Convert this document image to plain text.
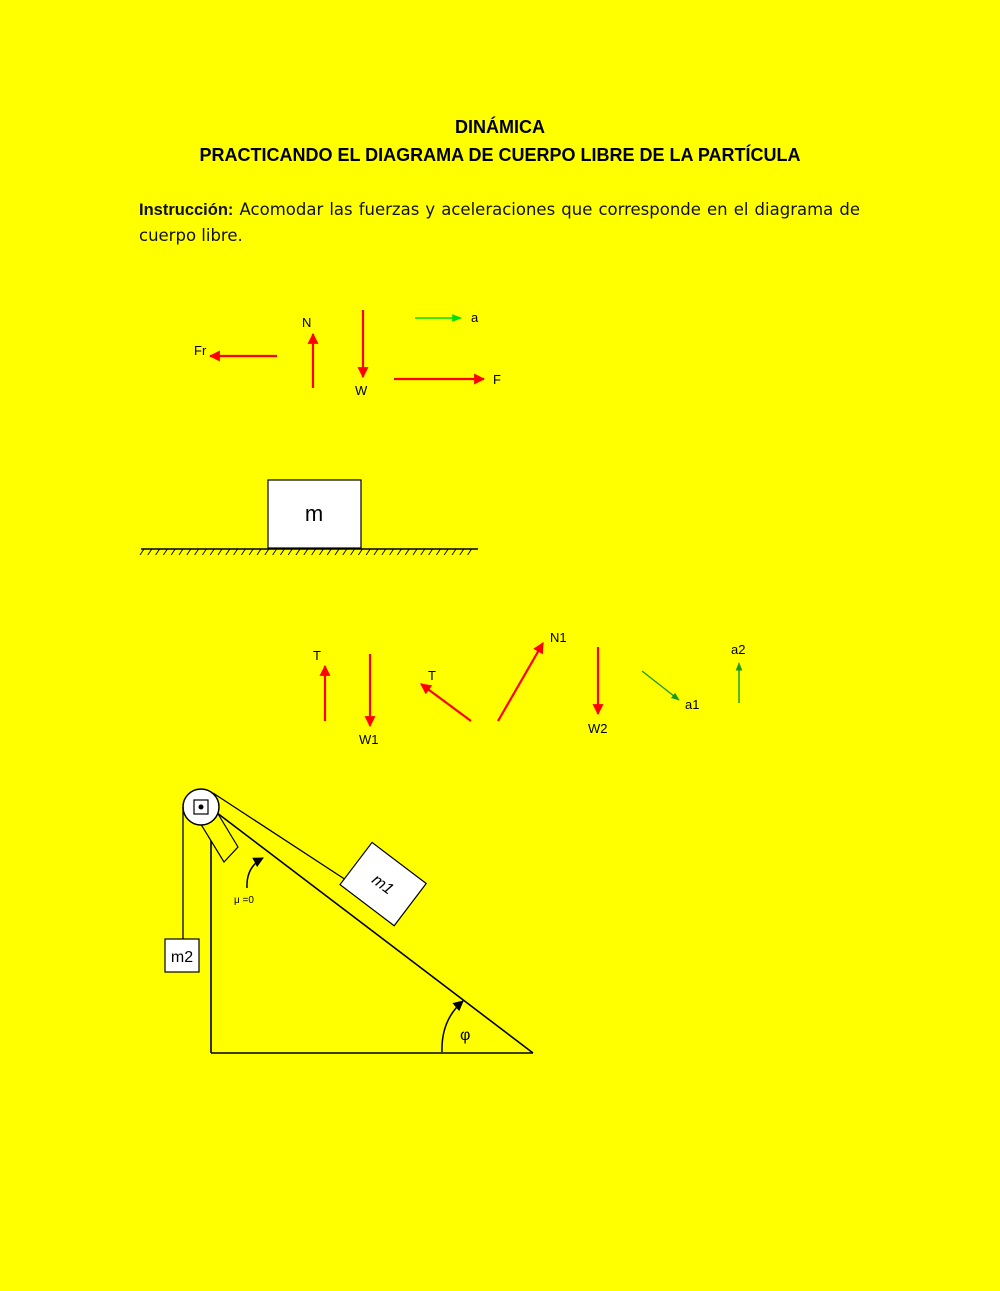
DINÁMICA
PRACTICANDO EL DIAGRAMA DE CUERPO LIBRE DE LA PARTÍCULA

Instrucción: Acomodar las fuerzas y aceleraciones que corresponde en el diagrama de cuerpo libre.

Fr
N
W
a
F
m
T
W1
T
N1
W2
a1
a2
m2
m1
μ =0
φ
